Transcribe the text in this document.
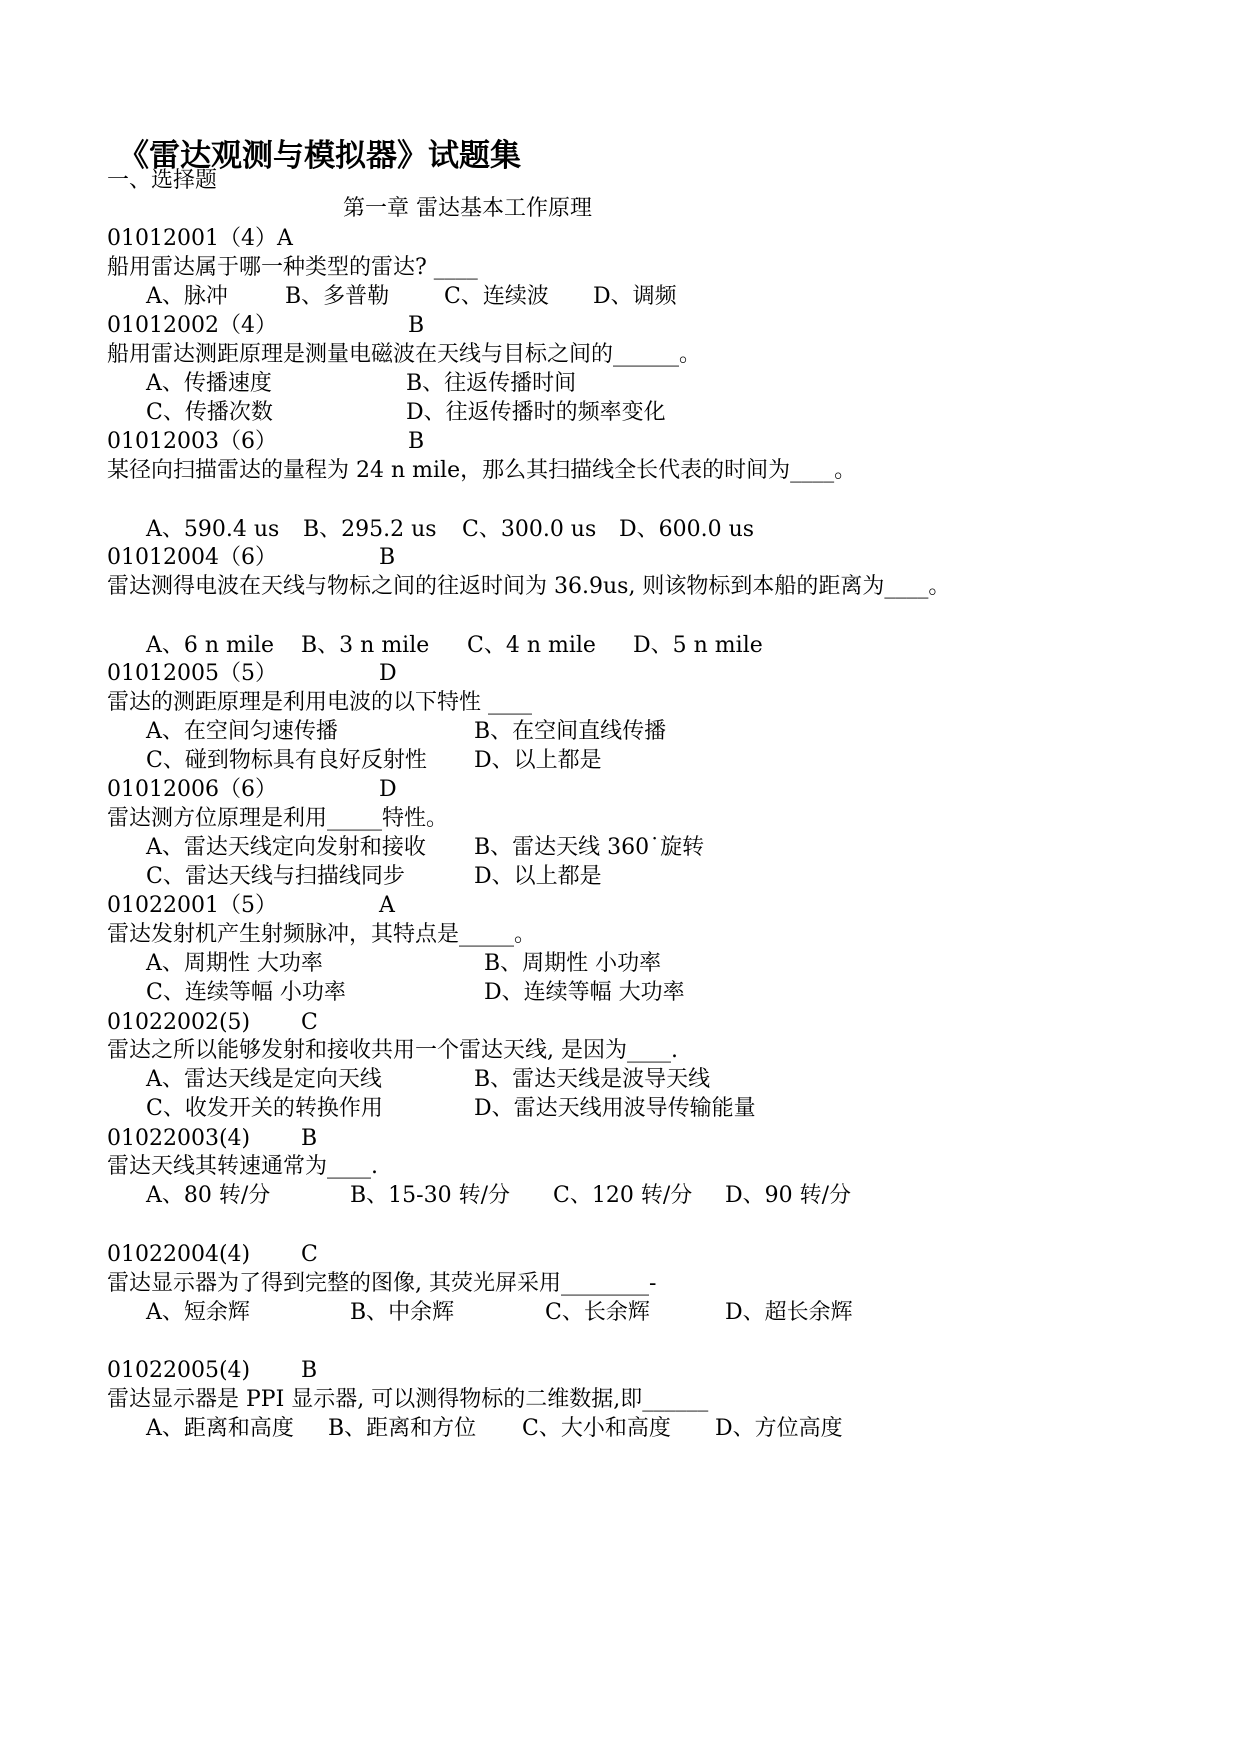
《雷达观测与模拟器》试题集
一、选择题
第一章 雷达基本工作原理
01012001（4）A
船用雷达属于哪一种类型的雷达? ____
A、脉冲	B、多普勒 C、连续波 D、调频
01012002（4）	B
船用雷达测距原理是测量电磁波在天线与目标之间的______。
A、传播速度	B、往返传播时间
C、传播次数	D、往返传播时的频率变化
01012003（6）	B
某径向扫描雷达的量程为 24 n mile，那么其扫描线全长代表的时间为____。
A、590.4 us B、295.2 us C、300.0 us D、600.0 us
01012004（6）	B
雷达测得电波在天线与物标之间的往返时间为 36.9us, 则该物标到本船的距离为____。
A、6 n mile B、3 n mile C、4 n mile D、5 n mile
01012005（5）	D
雷达的测距原理是利用电波的以下特性 ____
A、在空间匀速传播	B、在空间直线传播
C、碰到物标具有良好反射性 D、以上都是
01012006（6）	D
雷达测方位原理是利用_____特性。
A、雷达天线定向发射和接收 B、雷达天线 360˙旋转
C、雷达天线与扫描线同步	D、以上都是
01022001（5）	A
雷达发射机产生射频脉冲，其特点是_____。
A、周期性 大功率	B、周期性 小功率
C、连续等幅 小功率	D、连续等幅 大功率
01022002(5) C
雷达之所以能够发射和接收共用一个雷达天线, 是因为____.
A、雷达天线是定向天线	B、雷达天线是波导天线
C、收发开关的转换作用	D、雷达天线用波导传输能量
01022003(4) B
雷达天线其转速通常为____.
A、80 转/分	B、15-30 转/分 C、120 转/分 D、90 转/分
01022004(4) C
雷达显示器为了得到完整的图像, 其荧光屏采用________-
A、短余辉	B、中余辉	C、长余辉	D、超长余辉
01022005(4) B
雷达显示器是 PPI 显示器, 可以测得物标的二维数据,即______
A、距离和高度 B、距离和方位 C、大小和高度 D、方位高度
